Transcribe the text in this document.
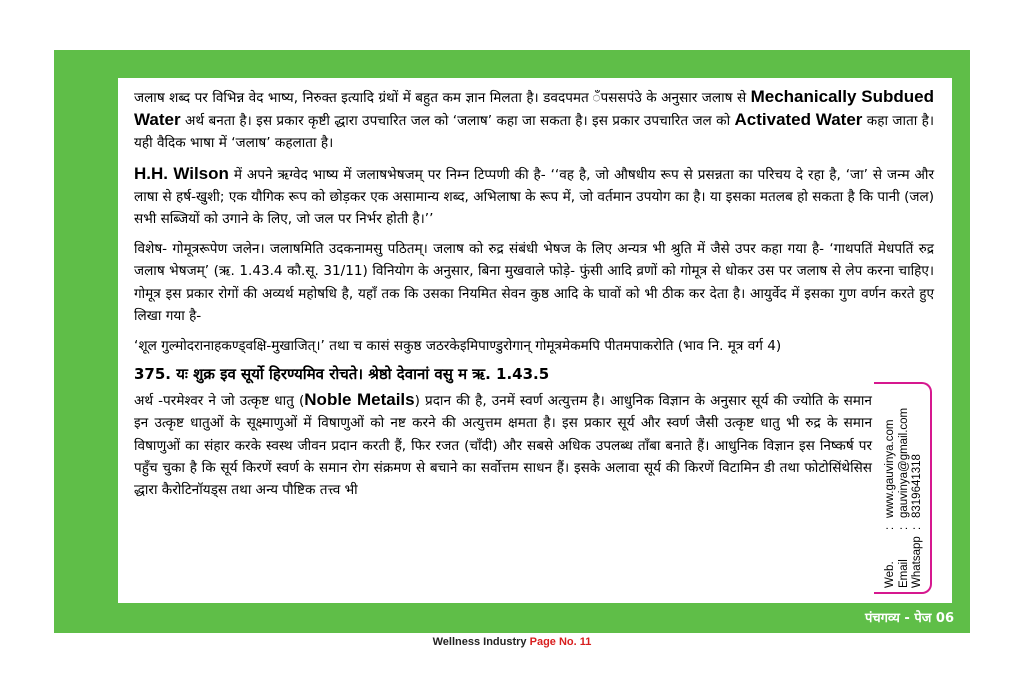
जलाष शब्द पर विभिन्न वेद भाष्य, निरुक्त इत्यादि ग्रंथों में बहुत कम ज्ञान मिलता है। डवदपमत ँपससपंउे के अनुसार जलाष से Mechanically Subdued Water अर्थ बनता है। इस प्रकार कृष्टी द्धारा उपचारित जल को ‘जलाष’ कहा जा सकता है। इस प्रकार उपचारित जल को Activated Water कहा जाता है। यही वैदिक भाषा में ‘जलाष’ कहलाता है।

H.H. Wilson में अपने ऋग्वेद भाष्य में जलाषभेषजम् पर निम्न टिप्पणी की है- ‘‘वह है, जो औषधीय रूप से प्रसन्नता का परिचय दे रहा है, ‘जा’ से जन्म और लाषा से हर्ष-खुशी; एक यौगिक रूप को छोड़कर एक असामान्य शब्द, अभिलाषा के रूप में, जो वर्तमान उपयोग का है। या इसका मतलब हो सकता है कि पानी (जल) सभी सब्जियों को उगाने के लिए, जो जल पर निर्भर होती है।’’

विशेष- गोमूत्ररूपेण जलेन। जलाषमिति उदकनामसु पठितम्। जलाष को रुद्र संबंधी भेषज के लिए अन्यत्र भी श्रुति में जैसे उपर कहा गया है- ‘गाथपतिं मेधपतिं रुद्र जलाष भेषजम्’ (ऋ. 1.43.4 कौ.सू. 31/11) विनियोग के अनुसार, बिना मुखवाले फोड़े- फुंसी आदि व्रणों को गोमूत्र से धोकर उस पर जलाष से लेप करना चाहिए। गोमूत्र इस प्रकार रोगों की अव्यर्थ महोषधि है, यहाँ तक कि उसका नियमित सेवन कुष्ठ आदि के घावों को भी ठीक कर देता है। आयुर्वेद में इसका गुण वर्णन करते हुए लिखा गया है-

‘शूल गुल्मोदरानाहकण्ड्वक्षि-मुखाजित्।’ तथा च कासं सकुष्ठ जठरकेइमिपाण्डुरोगान् गोमूत्रमेकमपि पीतमपाकरोति (भाव नि. मूत्र वर्ग 4)

375. यः शुक्र इव सूर्यो हिरण्यमिव रोचते। श्रेष्ठो देवानां वसु म ऋ. 1.43.5

अर्थ -परमेश्वर ने जो उत्कृष्ट धातु (Noble Metails) प्रदान की है, उनमें स्वर्ण अत्युत्तम है। आधुनिक विज्ञान के अनुसार सूर्य की ज्योति के समान इन उत्कृष्ट धातुओं के सूक्ष्माणुओं में विषाणुओं को नष्ट करने की अत्युत्तम क्षमता है। इस प्रकार सूर्य और स्वर्ण जैसी उत्कृष्ट धातु भी रुद्र के समान विषाणुओं का संहार करके स्वस्थ जीवन प्रदान करती हैं, फिर रजत (चाँदी) और सबसे अधिक उपलब्ध ताँबा बनाते हैं। आधुनिक विज्ञान इस निष्कर्ष पर पहुँच चुका है कि सूर्य किरणें स्वर्ण के समान रोग संक्रमण से बचाने का सर्वोत्तम साधन हैं। इसके अलावा सूर्य की किरणें विटामिन डी तथा फोटोसिंथेसिस द्धारा कैरोटिनॉयड्स तथा अन्य पौष्टिक तत्त्व भी

Web.
:
www.gauvinya.com
Email
:
gauvinya@gmail.com
Whatsapp
:
8319641318
पंचगव्य - पेज 06
Wellness Industry Page No. 11
